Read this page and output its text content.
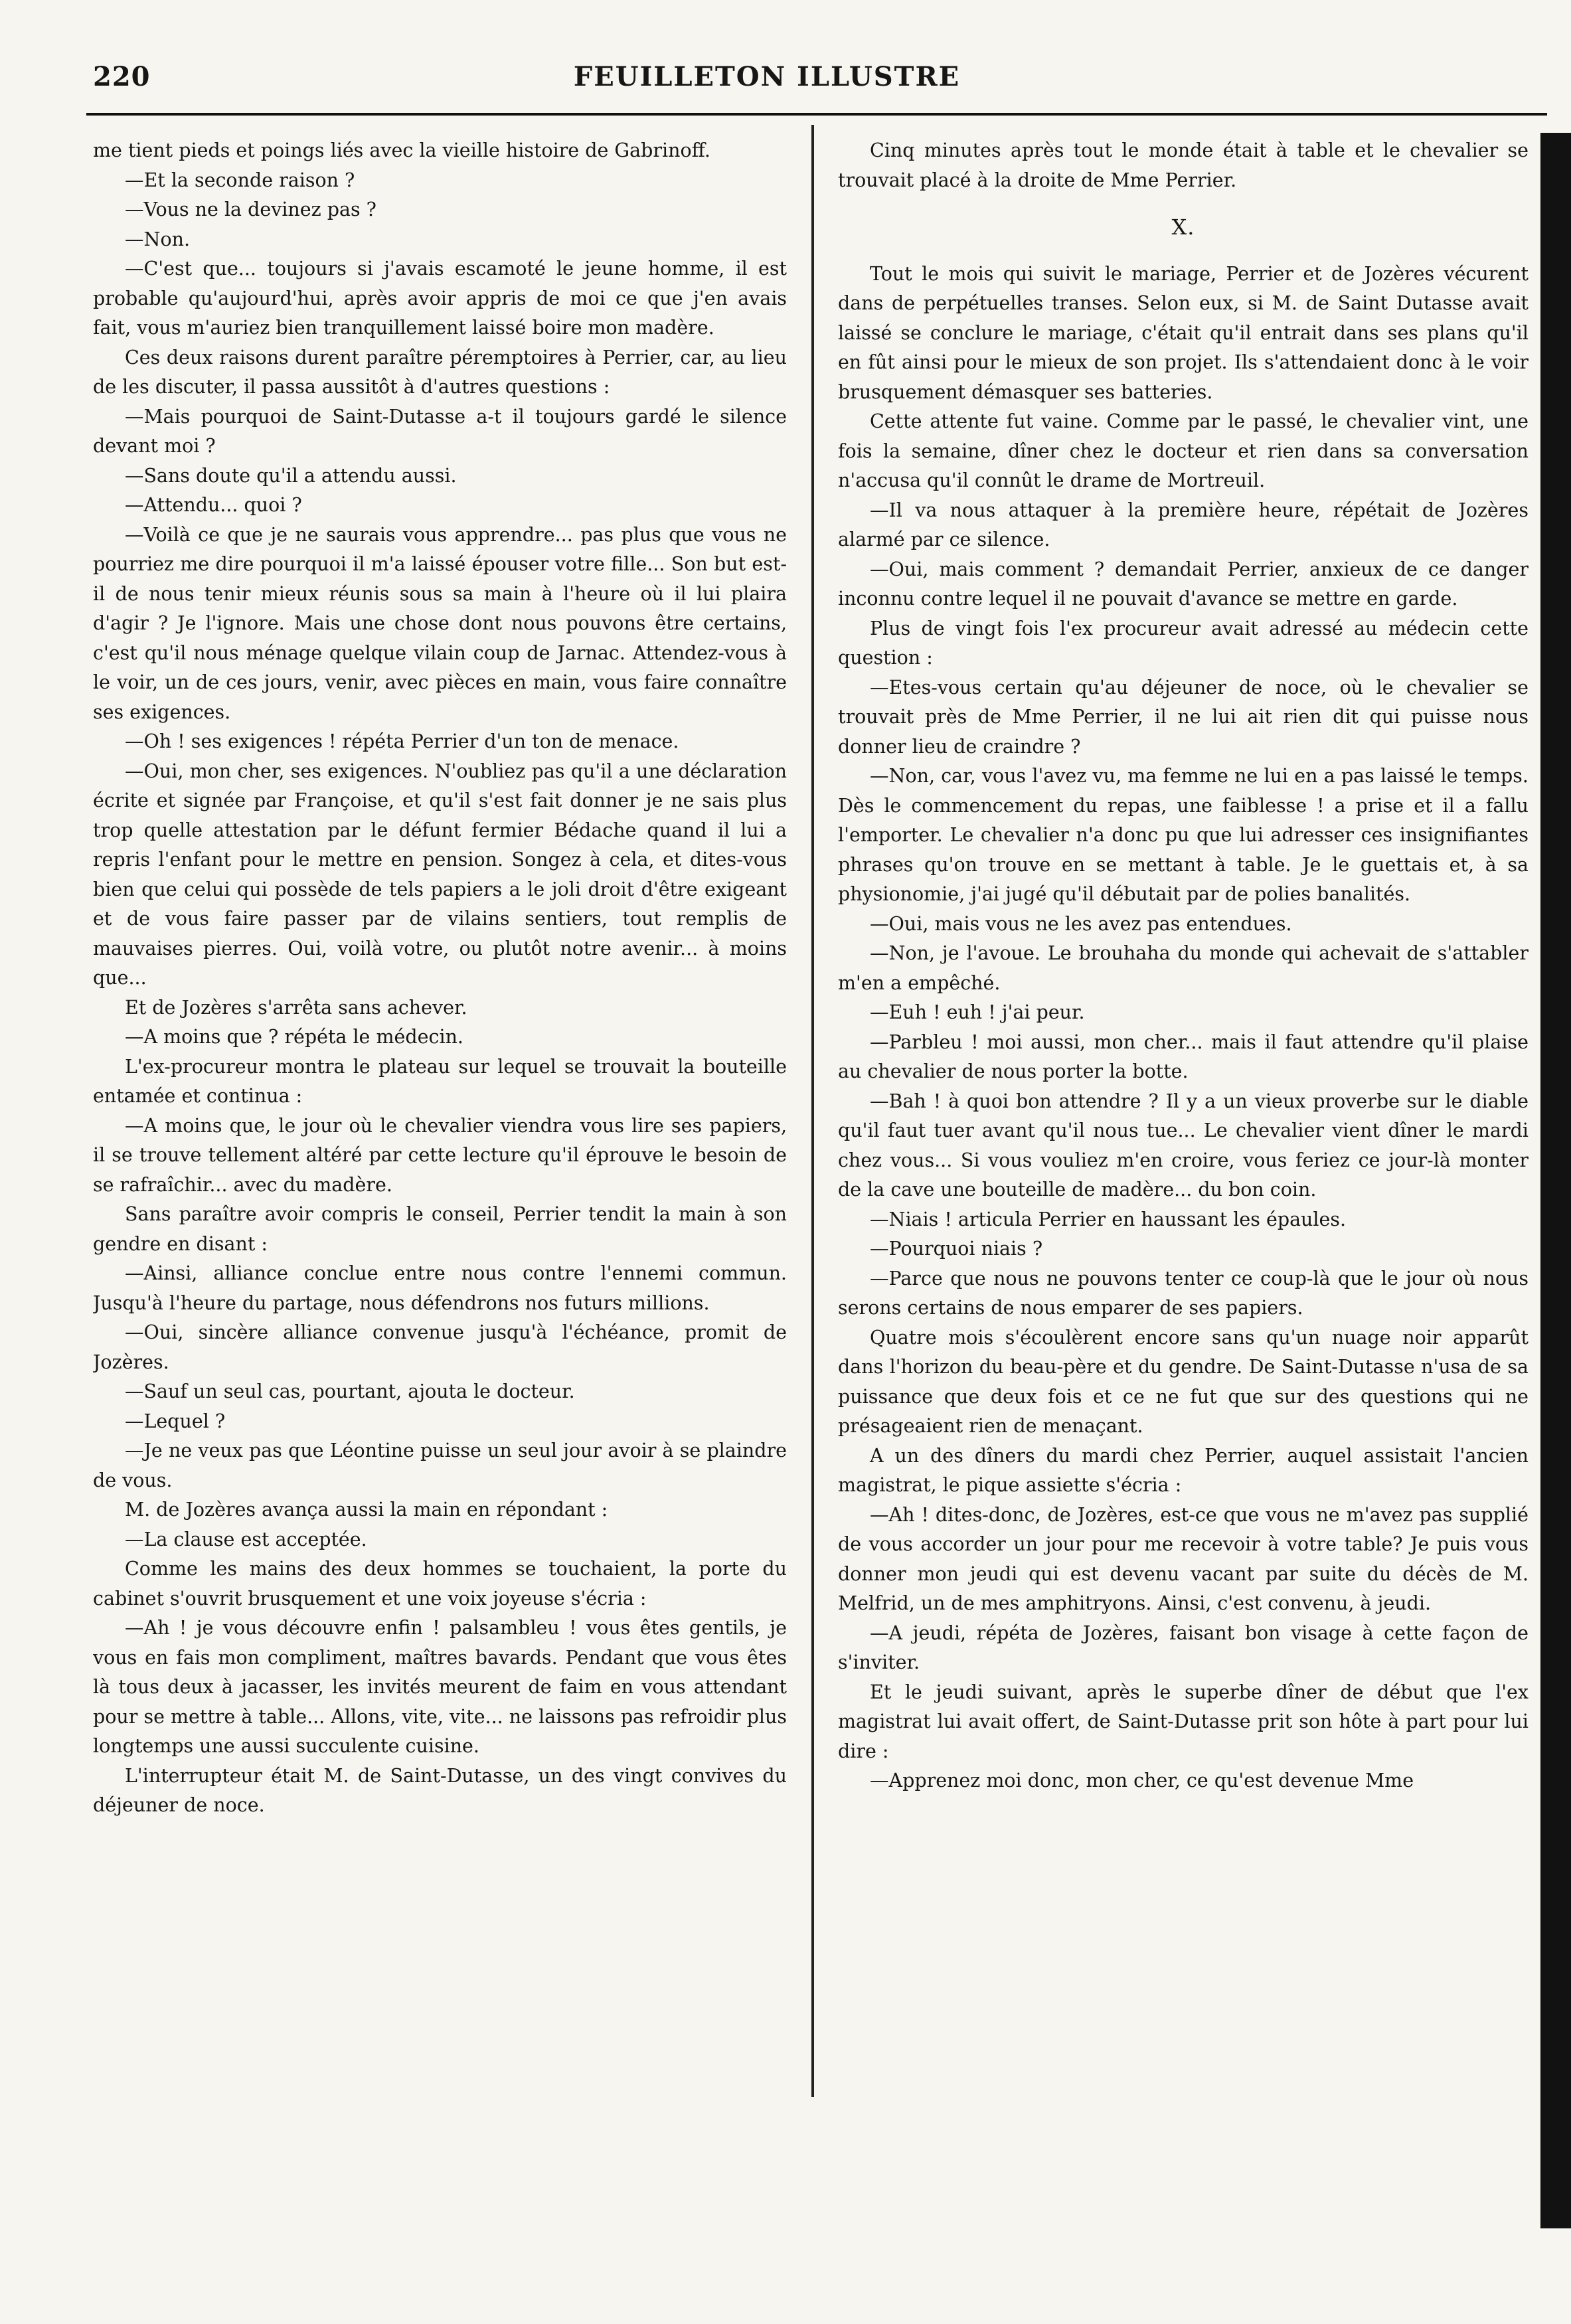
220	FEUILLETON ILLUSTRE

me tient pieds et poings liés avec la vieille histoire de Gabrinoff.

—Et la seconde raison ?

—Vous ne la devinez pas ?

—Non.

—C'est que... toujours si j'avais escamoté le jeune homme, il est probable qu'aujourd'hui, après avoir appris de moi ce que j'en avais fait, vous m'auriez bien tranquillement laissé boire mon madère.

Ces deux raisons durent paraître péremptoires à Perrier, car, au lieu de les discuter, il passa aussitôt à d'autres questions :

—Mais pourquoi de Saint-Dutasse a-t il toujours gardé le silence devant moi ?

—Sans doute qu'il a attendu aussi.

—Attendu... quoi ?

—Voilà ce que je ne saurais vous apprendre... pas plus que vous ne pourriez me dire pourquoi il m'a laissé épouser votre fille... Son but est-il de nous tenir mieux réunis sous sa main à l'heure où il lui plaira d'agir ? Je l'ignore. Mais une chose dont nous pouvons être certains, c'est qu'il nous ménage quelque vilain coup de Jarnac. Attendez-vous à le voir, un de ces jours, venir, avec pièces en main, vous faire connaître ses exigences.

—Oh ! ses exigences ! répéta Perrier d'un ton de menace.

—Oui, mon cher, ses exigences. N'oubliez pas qu'il a une déclaration écrite et signée par Françoise, et qu'il s'est fait donner je ne sais plus trop quelle attestation par le défunt fermier Bédache quand il lui a repris l'enfant pour le mettre en pension. Songez à cela, et dites-vous bien que celui qui possède de tels papiers a le joli droit d'être exigeant et de vous faire passer par de vilains sentiers, tout remplis de mauvaises pierres. Oui, voilà votre, ou plutôt notre avenir... à moins que...

Et de Jozères s'arrêta sans achever.

—A moins que ? répéta le médecin.

L'ex-procureur montra le plateau sur lequel se trouvait la bouteille entamée et continua :

—A moins que, le jour où le chevalier viendra vous lire ses papiers, il se trouve tellement altéré par cette lecture qu'il éprouve le besoin de se rafraîchir... avec du madère.

Sans paraître avoir compris le conseil, Perrier tendit la main à son gendre en disant :

—Ainsi, alliance conclue entre nous contre l'ennemi commun. Jusqu'à l'heure du partage, nous défendrons nos futurs millions.

—Oui, sincère alliance convenue jusqu'à l'échéance, promit de Jozères.

—Sauf un seul cas, pourtant, ajouta le docteur.

—Lequel ?

—Je ne veux pas que Léontine puisse un seul jour avoir à se plaindre de vous.

M. de Jozères avança aussi la main en répondant :

—La clause est acceptée.

Comme les mains des deux hommes se touchaient, la porte du cabinet s'ouvrit brusquement et une voix joyeuse s'écria :

—Ah ! je vous découvre enfin ! palsambleu ! vous êtes gentils, je vous en fais mon compliment, maîtres bavards. Pendant que vous êtes là tous deux à jacasser, les invités meurent de faim en vous attendant pour se mettre à table... Allons, vite, vite... ne laissons pas refroidir plus longtemps une aussi succulente cuisine.

L'interrupteur était M. de Saint-Dutasse, un des vingt convives du déjeuner de noce.

Cinq minutes après tout le monde était à table et le chevalier se trouvait placé à la droite de Mme Perrier.

X.

Tout le mois qui suivit le mariage, Perrier et de Jozères vécurent dans de perpétuelles transes. Selon eux, si M. de Saint Dutasse avait laissé se conclure le mariage, c'était qu'il entrait dans ses plans qu'il en fût ainsi pour le mieux de son projet. Ils s'attendaient donc à le voir brusquement démasquer ses batteries.

Cette attente fut vaine. Comme par le passé, le chevalier vint, une fois la semaine, dîner chez le docteur et rien dans sa conversation n'accusa qu'il connût le drame de Mortreuil.

—Il va nous attaquer à la première heure, répétait de Jozères alarmé par ce silence.

—Oui, mais comment ? demandait Perrier, anxieux de ce danger inconnu contre lequel il ne pouvait d'avance se mettre en garde.

Plus de vingt fois l'ex procureur avait adressé au médecin cette question :

—Etes-vous certain qu'au déjeuner de noce, où le chevalier se trouvait près de Mme Perrier, il ne lui ait rien dit qui puisse nous donner lieu de craindre ?

—Non, car, vous l'avez vu, ma femme ne lui en a pas laissé le temps. Dès le commencement du repas, une faiblesse ! a prise et il a fallu l'emporter. Le chevalier n'a donc pu que lui adresser ces insignifiantes phrases qu'on trouve en se mettant à table. Je le guettais et, à sa physionomie, j'ai jugé qu'il débutait par de polies banalités.

—Oui, mais vous ne les avez pas entendues.

—Non, je l'avoue. Le brouhaha du monde qui achevait de s'attabler m'en a empêché.

—Euh ! euh ! j'ai peur.

—Parbleu ! moi aussi, mon cher... mais il faut attendre qu'il plaise au chevalier de nous porter la botte.

—Bah ! à quoi bon attendre ? Il y a un vieux proverbe sur le diable qu'il faut tuer avant qu'il nous tue... Le chevalier vient dîner le mardi chez vous... Si vous vouliez m'en croire, vous feriez ce jour-là monter de la cave une bouteille de madère... du bon coin.

—Niais ! articula Perrier en haussant les épaules.

—Pourquoi niais ?

—Parce que nous ne pouvons tenter ce coup-là que le jour où nous serons certains de nous emparer de ses papiers.

Quatre mois s'écoulèrent encore sans qu'un nuage noir apparût dans l'horizon du beau-père et du gendre. De Saint-Dutasse n'usa de sa puissance que deux fois et ce ne fut que sur des questions qui ne présageaient rien de menaçant.

A un des dîners du mardi chez Perrier, auquel assistait l'ancien magistrat, le pique assiette s'écria :

—Ah ! dites-donc, de Jozères, est-ce que vous ne m'avez pas supplié de vous accorder un jour pour me recevoir à votre table? Je puis vous donner mon jeudi qui est devenu vacant par suite du décès de M. Melfrid, un de mes amphitryons. Ainsi, c'est convenu, à jeudi.

—A jeudi, répéta de Jozères, faisant bon visage à cette façon de s'inviter.

Et le jeudi suivant, après le superbe dîner de début que l'ex magistrat lui avait offert, de Saint-Dutasse prit son hôte à part pour lui dire :

—Apprenez moi donc, mon cher, ce qu'est devenue Mme
